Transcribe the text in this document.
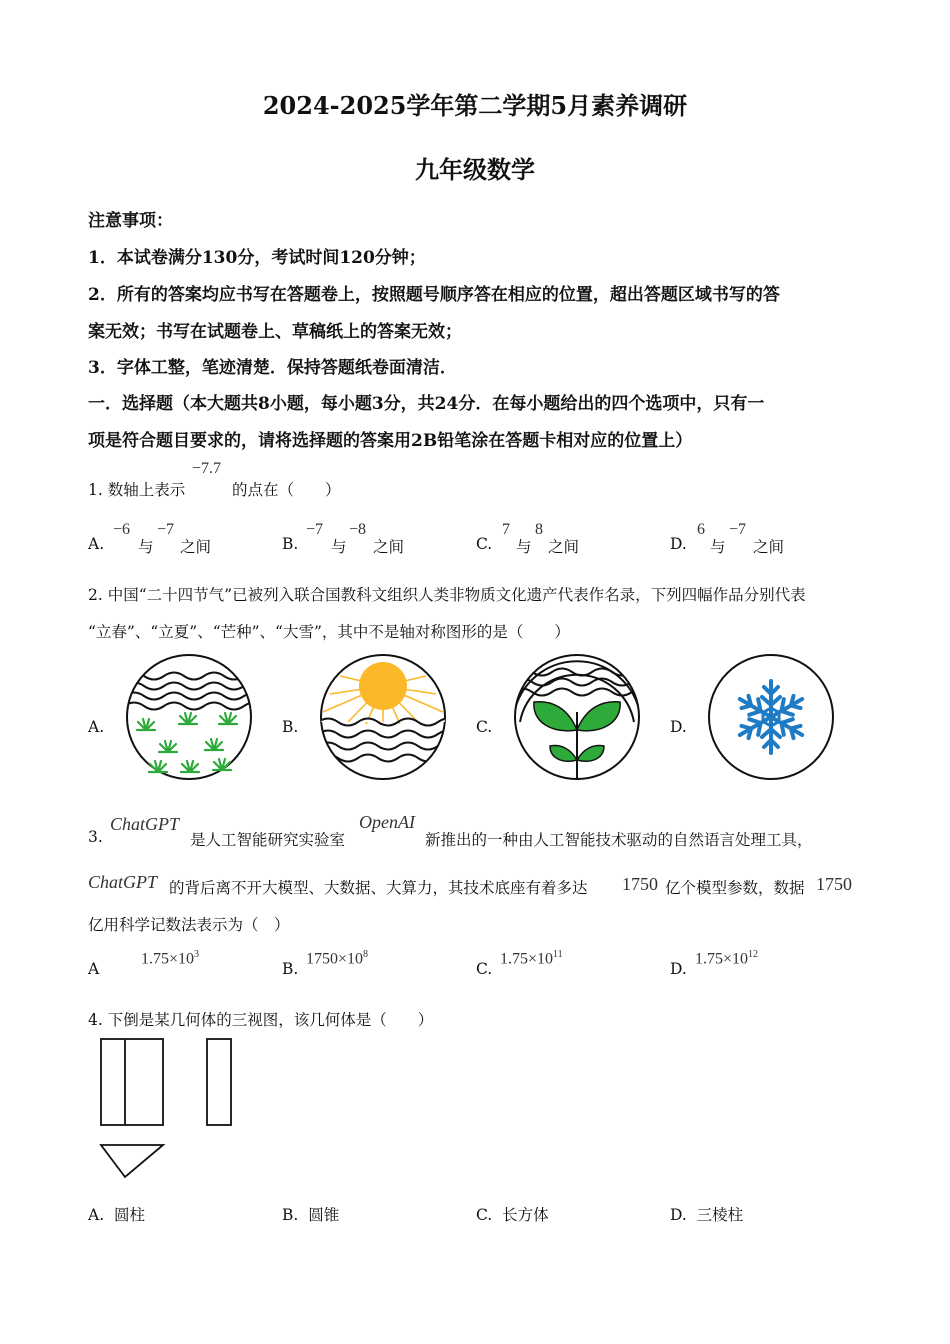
2024-2025学年第二学期5月素养调研
九年级数学
注意事项：
1．本试卷满分130分，考试时间120分钟；
2．所有的答案均应书写在答题卷上，按照题号顺序答在相应的位置，超出答题区域书写的答
案无效；书写在试题卷上、草稿纸上的答案无效；
3．字体工整，笔迹清楚．保持答题纸卷面清洁．
一．选择题（本大题共8小题，每小题3分，共24分．在每小题给出的四个选项中，只有一
项是符合题目要求的，请将选择题的答案用2B铅笔涂在答题卡相对应的位置上）
1. 数轴上表示
−7.7
的点在（　　）
A.
−6
与
−7
之间	B.
−7
与
−8
之间	C.
7
与
8
之间	D.
6
与
−7
之间
2. 中国“二十四节气”已被列入联合国教科文组织人类非物质文化遗产代表作名录，下列四幅作品分别代表
“立春”、“立夏”、“芒种”、“大雪”，其中不是轴对称图形的是（　　）
A.	B.	C.	D.
3.
ChatGPT
是人工智能研究实验室
OpenAI
新推出的一种由人工智能技术驱动的自然语言处理工具，
ChatGPT 的背后离不开大模型、大数据、大算力，其技术底座有着多达 1750 亿个模型参数，数据 1750
亿用科学记数法表示为（　）
A
$1.75\times 10^3$
B.
$1750\times 10^8$
C.
$1.75\times 10^{11}$
D.
$1.75\times 10^{12}$
4. 下倒是某几何体的三视图，该几何体是（　　）
A. 圆柱	B. 圆锥	C. 长方体	D. 三棱柱
